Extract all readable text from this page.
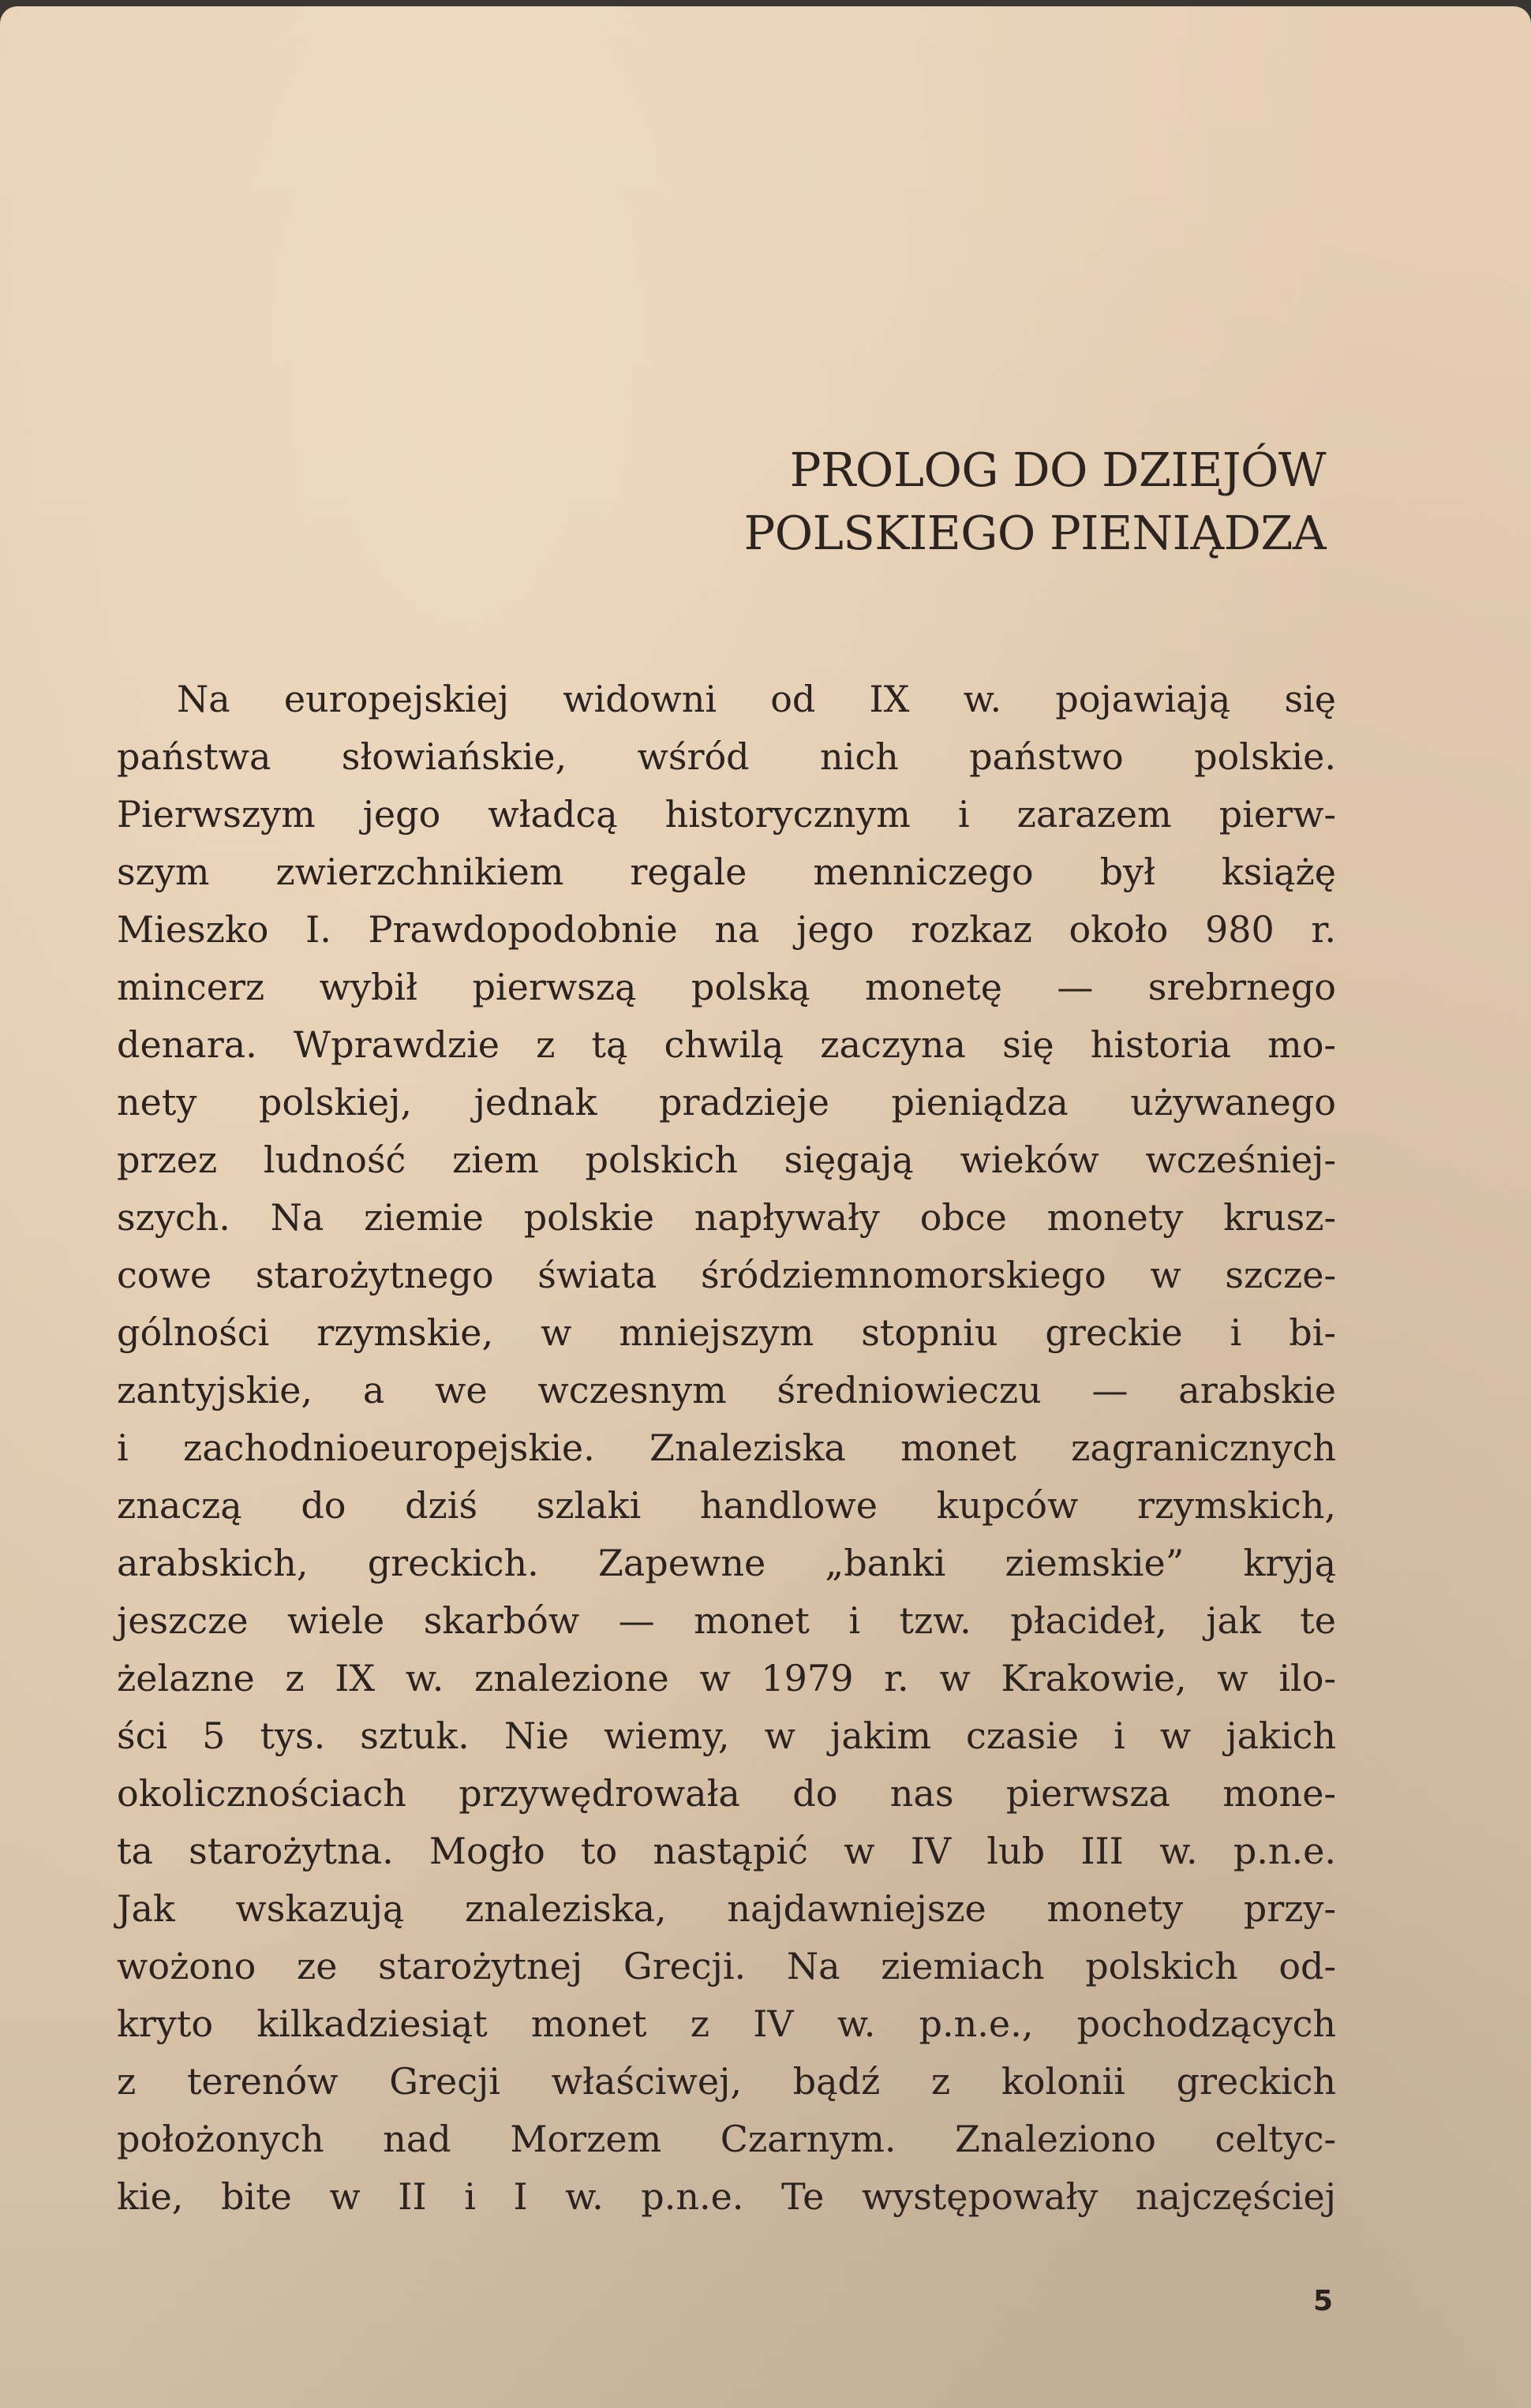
PROLOG DO DZIEJÓW
POLSKIEGO PIENIĄDZA
Na europejskiej widowni od IX w. pojawiają się
państwa słowiańskie, wśród nich państwo polskie.
Pierwszym jego władcą historycznym i zarazem pierw-
szym zwierzchnikiem regale menniczego był książę
Mieszko I. Prawdopodobnie na jego rozkaz około 980 r.
mincerz wybił pierwszą polską monetę — srebrnego
denara. Wprawdzie z tą chwilą zaczyna się historia mo-
nety polskiej, jednak pradzieje pieniądza używanego
przez ludność ziem polskich sięgają wieków wcześniej-
szych. Na ziemie polskie napływały obce monety krusz-
cowe starożytnego świata śródziemnomorskiego w szcze-
gólności rzymskie, w mniejszym stopniu greckie i bi-
zantyjskie, a we wczesnym średniowieczu — arabskie
i zachodnioeuropejskie. Znaleziska monet zagranicznych
znaczą do dziś szlaki handlowe kupców rzymskich,
arabskich, greckich. Zapewne „banki ziemskie” kryją
jeszcze wiele skarbów — monet i tzw. płacideł, jak te
żelazne z IX w. znalezione w 1979 r. w Krakowie, w ilo-
ści 5 tys. sztuk. Nie wiemy, w jakim czasie i w jakich
okolicznościach przywędrowała do nas pierwsza mone-
ta starożytna. Mogło to nastąpić w IV lub III w. p.n.e.
Jak wskazują znaleziska, najdawniejsze monety przy-
wożono ze starożytnej Grecji. Na ziemiach polskich od-
kryto kilkadziesiąt monet z IV w. p.n.e., pochodzących
z terenów Grecji właściwej, bądź z kolonii greckich
położonych nad Morzem Czarnym. Znaleziono celtyc-
kie, bite w II i I w. p.n.e. Te występowały najczęściej
5
